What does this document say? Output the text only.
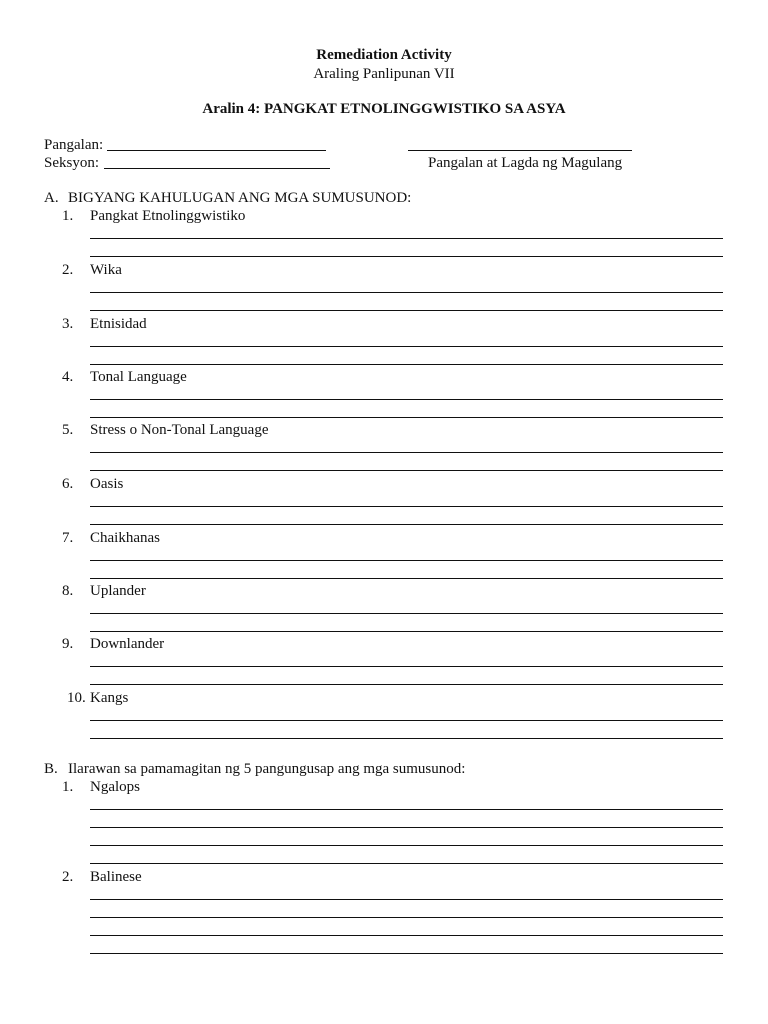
Remediation Activity
Araling Panlipunan VII
Aralin 4: PANGKAT ETNOLINGGWISTIKO SA ASYA
Pangalan:
Seksyon:	Pangalan at Lagda ng Magulang
A. BIGYANG KAHULUGAN ANG MGA SUMUSUNOD:
1.	Pangkat Etnolinggwistiko
2.	Wika
3.	Etnisidad
4.	Tonal Language
5.	Stress o Non-Tonal Language
6.	Oasis
7.	Chaikhanas
8.	Uplander
9.	Downlander
10. Kangs
B. Ilarawan sa pamamagitan ng 5 pangungusap ang mga sumusunod:
1.	Ngalops
2.	Balinese
